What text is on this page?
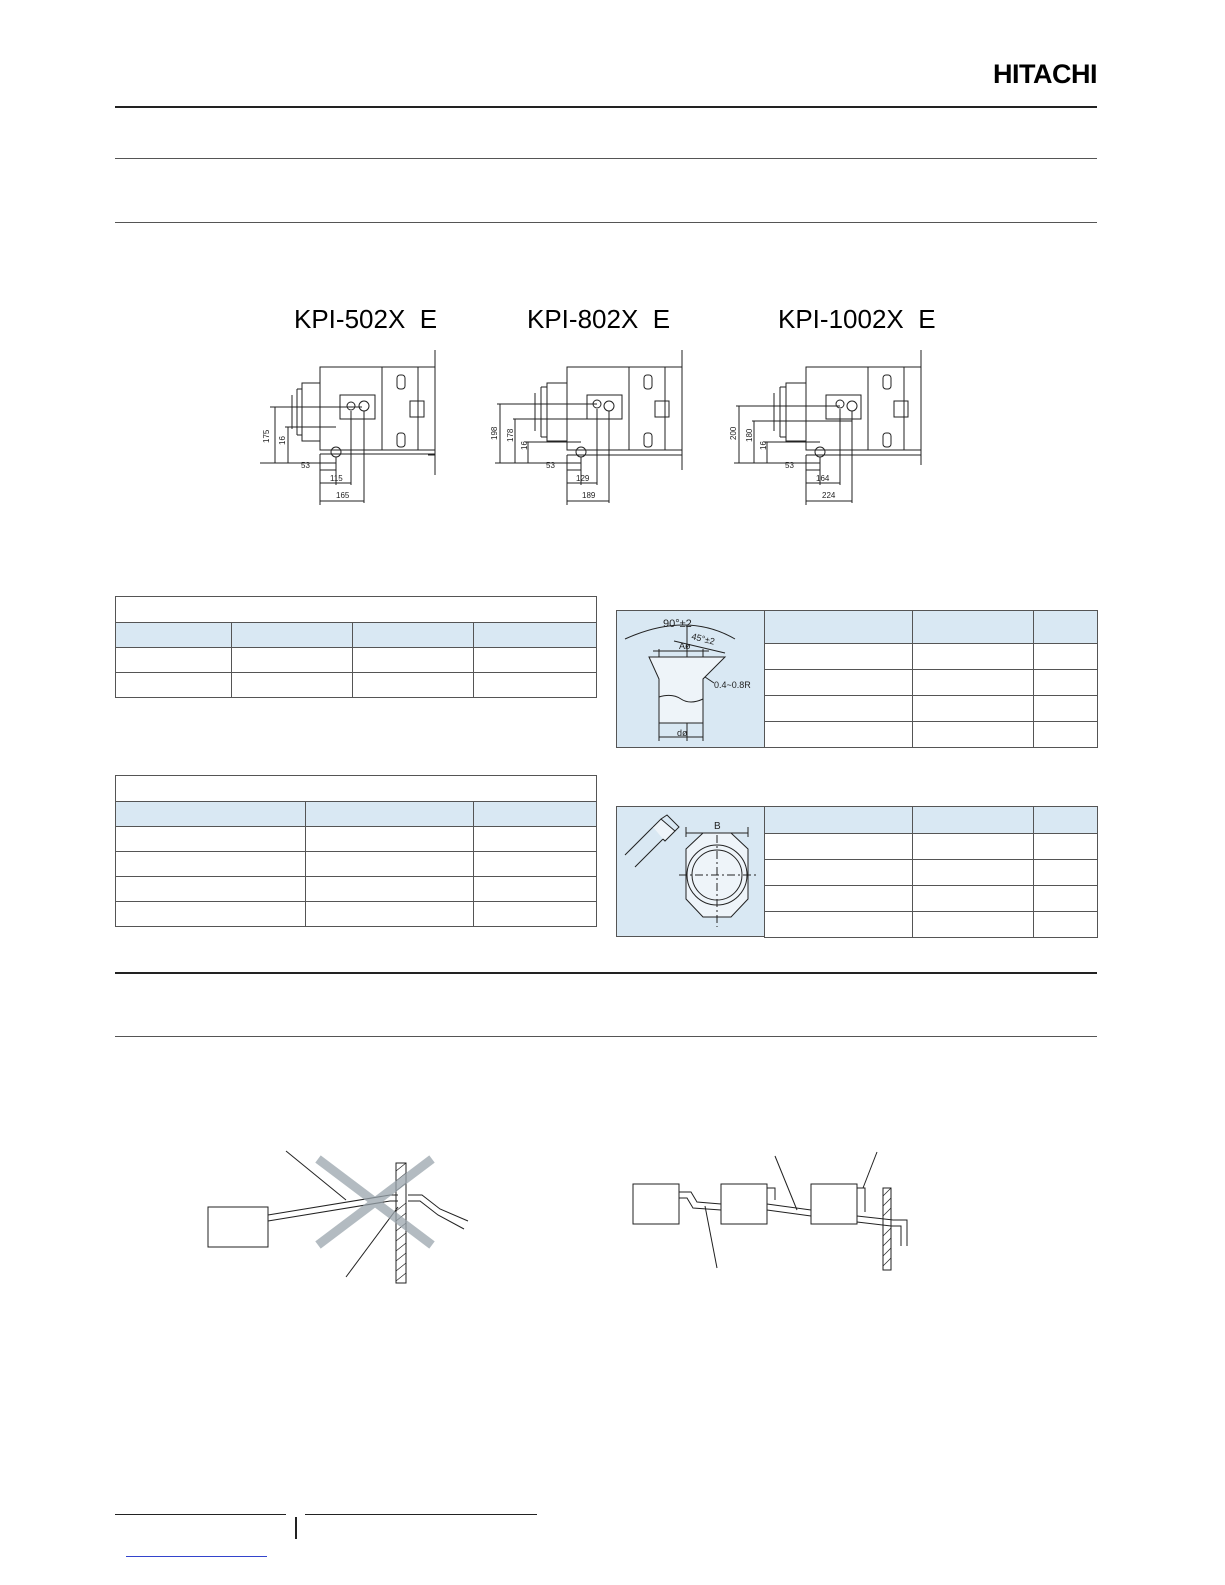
HITACHI
KPI-502X  E	KPI-802X  E	KPI-1002X  E
175 16
53
115
165
198 178
16
53
129
189
200 180
16
53
164
224

90°±2
45°±2
Aø
0.4~0.8R
dø

B
